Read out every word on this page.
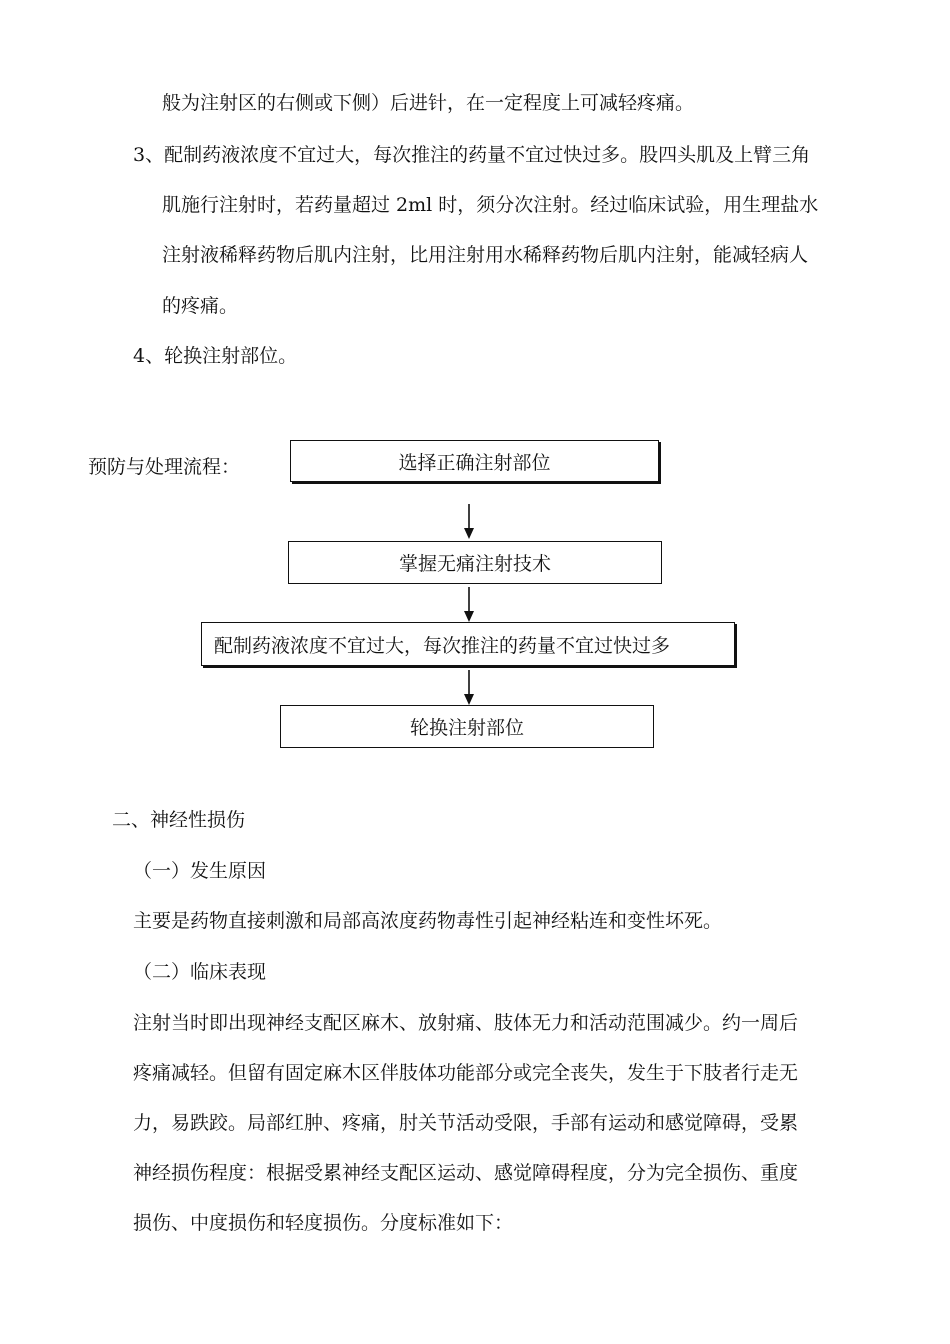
般为注射区的右侧或下侧）后进针，在一定程度上可减轻疼痛。
3、配制药液浓度不宜过大，每次推注的药量不宜过快过多。股四头肌及上臂三角
肌施行注射时，若药量超过 2ml 时，须分次注射。经过临床试验，用生理盐水
注射液稀释药物后肌内注射，比用注射用水稀释药物后肌内注射，能减轻病人
的疼痛。
4、轮换注射部位。
预防与处理流程：	选择正确注射部位
掌握无痛注射技术
配制药液浓度不宜过大，每次推注的药量不宜过快过多
轮换注射部位
二、神经性损伤
（一）发生原因
主要是药物直接刺激和局部高浓度药物毒性引起神经粘连和变性坏死。
（二）临床表现
注射当时即出现神经支配区麻木、放射痛、肢体无力和活动范围减少。约一周后
疼痛减轻。但留有固定麻木区伴肢体功能部分或完全丧失，发生于下肢者行走无
力，易跌跤。局部红肿、疼痛，肘关节活动受限，手部有运动和感觉障碍，受累
神经损伤程度：根据受累神经支配区运动、感觉障碍程度，分为完全损伤、重度
损伤、中度损伤和轻度损伤。分度标准如下：
